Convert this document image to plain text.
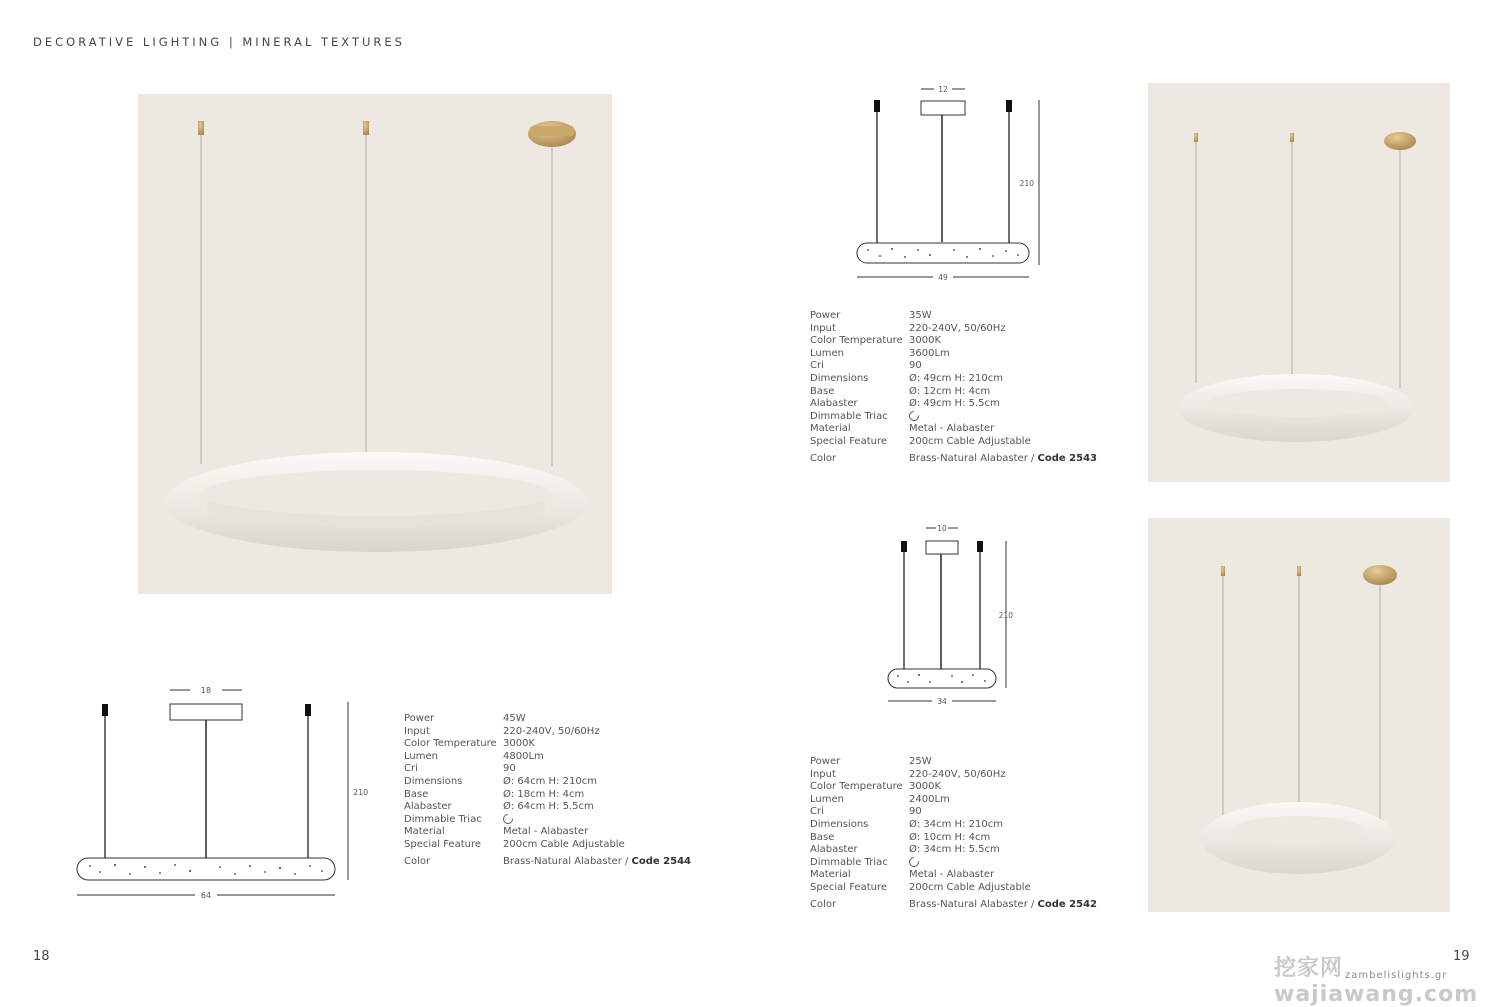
DECORATIVE LIGHTING | MINERAL TEXTURES
18
210
64
Power	45W
Input	220-240V, 50/60Hz
Color Temperature 3000K
Lumen	4800Lm
Cri	90
Dimensions	Ø: 64cm H: 210cm
Base	Ø: 18cm H: 4cm
Alabaster	Ø: 64cm H: 5.5cm
Dimmable Triac
Material	Metal - Alabaster
Special Feature	200cm Cable Adjustable
Color	Brass-Natural Alabaster / Code 2544
12
210
49
Power	35W
Input	220-240V, 50/60Hz
Color Temperature 3000K
Lumen	3600Lm
Cri	90
Dimensions	Ø: 49cm H: 210cm
Base	Ø: 12cm H: 4cm
Alabaster	Ø: 49cm H: 5.5cm
Dimmable Triac
Material	Metal - Alabaster
Special Feature	200cm Cable Adjustable
Color	Brass-Natural Alabaster / Code 2543
10
210
34
Power	25W
Input	220-240V, 50/60Hz
Color Temperature 3000K
Lumen	2400Lm
Cri	90
Dimensions	Ø: 34cm H: 210cm
Base	Ø: 10cm H: 4cm
Alabaster	Ø: 34cm H: 5.5cm
Dimmable Triac
Material	Metal - Alabaster
Special Feature	200cm Cable Adjustable
Color	Brass-Natural Alabaster / Code 2542
18	19
挖家网 wajiawang.com
zambelislights.gr
